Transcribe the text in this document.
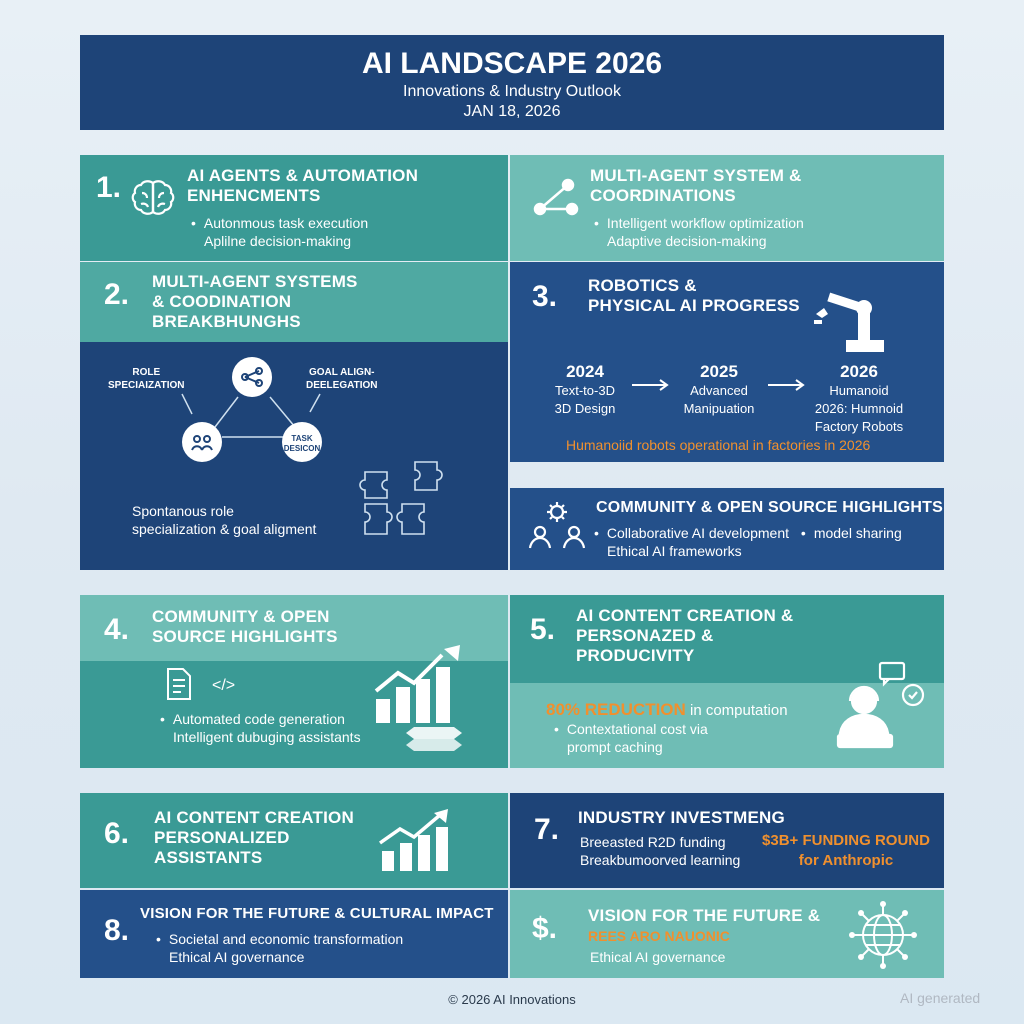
AI LANDSCAPE 2026
Innovations & Industry Outlook
JAN 18, 2026
1.	AI AGENTS & AUTOMATION
ENHENCMENTS
• Autonmous task execution
Aplilne decision-making
MULTI-AGENT SYSTEM &
COORDINATIONS
• Intelligent workflow optimization
Adaptive decision-making
2. MULTI-AGENT SYSTEMS
& COODINATION
BREAKBHUNGHS
ROLE
SPECIAIZATION
GOAL ALIGN-
DEELEGATION
TASK
DESICON
Spontanous role
specialization & goal aligment
3. ROBOTICS &
PHYSICAL AI PROGRESS
2024
Text-to-3D
3D Design
2025
Advanced
Manipuation
2026
Humanoid
2026: Humnoid
Factory Robots
Humanoiid robots operational in factories in 2026
COMMUNITY & OPEN SOURCE HIGHLIGHTS
• Collaborative AI development • model sharing
Ethical AI frameworks
4. COMMUNITY & OPEN
SOURCE HIGHLIGHTS
</>
• Automated code generation
Intelligent dubuging assistants
5. AI CONTENT CREATION &
PERSONAZED &
PRODUCIVITY
80% REDUCTION in computation
• Contextational cost via
prompt caching
6. AI CONTENT CREATION
PERSONALIZED
ASSISTANTS
7. INDUSTRY INVESTMENG
Breeasted R2D funding
Breakbumoorved learning
$3B+ FUNDING ROUND
for Anthropic
8.
VISION FOR THE FUTURE & CULTURAL IMPACT
• Societal and economic transformation
Ethical AI governance
$. VISION FOR THE FUTURE &
REES ARO NAUONIC
Ethical AI governance
© 2026 AI Innovations	AI generated
